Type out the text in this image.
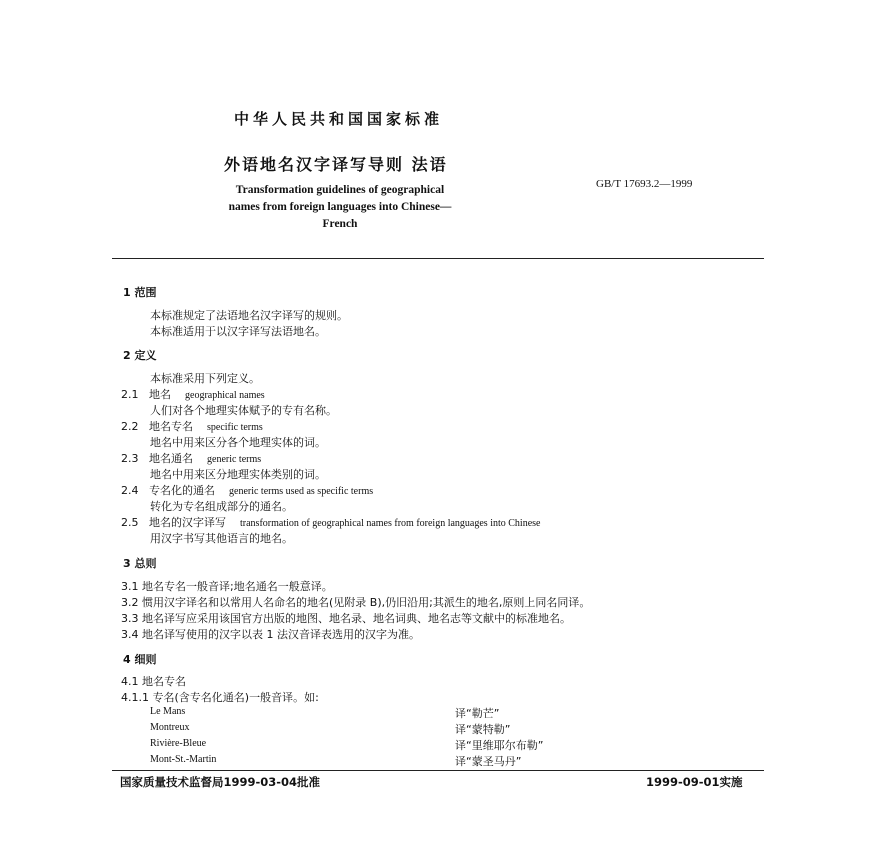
中华人民共和国国家标准
外语地名汉字译写导则 法语
Transformation guidelines of geographical
names from foreign languages into Chinese—
French
GB/T 17693.2—1999
1 范围
本标准规定了法语地名汉字译写的规则。
本标准适用于以汉字译写法语地名。
2 定义
本标准采用下列定义。
2.1 地名 geographical names
人们对各个地理实体赋予的专有名称。
2.2 地名专名 specific terms
地名中用来区分各个地理实体的词。
2.3 地名通名 generic terms
地名中用来区分地理实体类别的词。
2.4 专名化的通名 generic terms used as specific terms
转化为专名组成部分的通名。
2.5 地名的汉字译写 transformation of geographical names from foreign languages into Chinese
用汉字书写其他语言的地名。
3 总则
3.1 地名专名一般音译;地名通名一般意译。
3.2 惯用汉字译名和以常用人名命名的地名(见附录 B),仍旧沿用;其派生的地名,原则上同名同译。
3.3 地名译写应采用该国官方出版的地图、地名录、地名词典、地名志等文献中的标准地名。
3.4 地名译写使用的汉字以表 1 法汉音译表选用的汉字为准。
4 细则
4.1 地名专名
4.1.1 专名(含专名化通名)一般音译。如:
Le Mans	译“勒芒”
Montreux	译“蒙特勒”
Rivière-Bleue	译“里维耶尔布勒”
Mont-St.-Martin	译“蒙圣马丹”
国家质量技术监督局1999-03-04批准	1999-09-01实施
